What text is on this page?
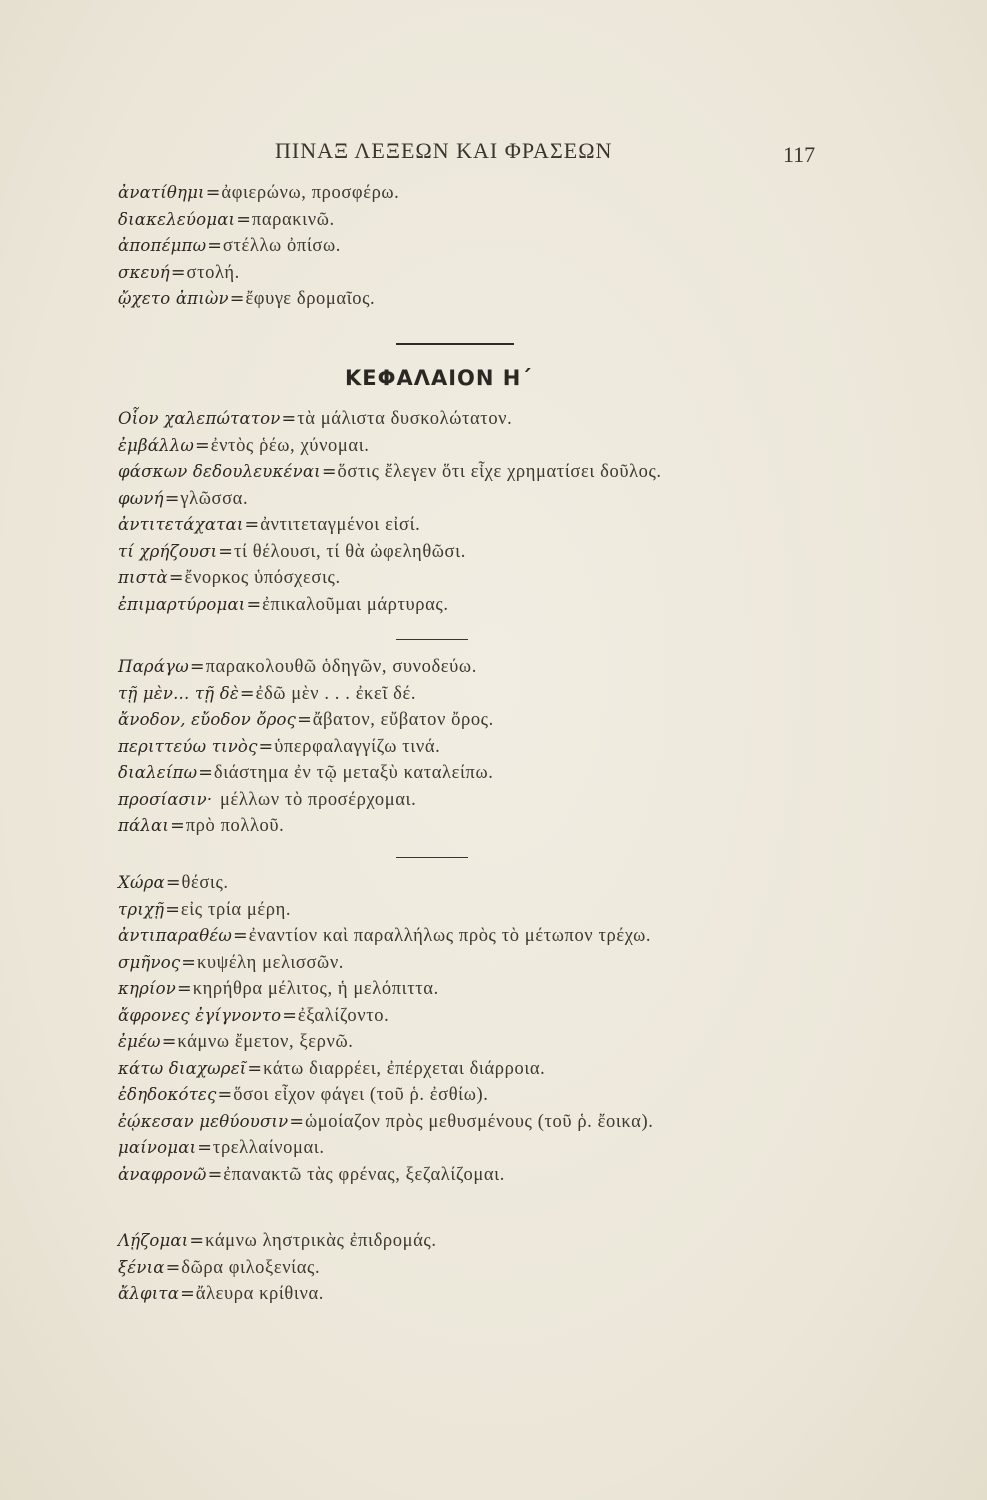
ΠΙΝΑΞ ΛΕΞΕΩΝ ΚΑΙ ΦΡΑΣΕΩΝ	117
ἀνατίθημι=ἀφιερώνω, προσφέρω.
διακελεύομαι=παρακινῶ.
ἀποπέμπω=στέλλω ὀπίσω.
σκευή=στολή.
ᾤχετο ἀπιὼν=ἔφυγε δρομαῖος.
ΚΕΦΑΛΑΙΟΝ Η΄
Οἷον χαλεπώτατον=τὰ μάλιστα δυσκολώτατον.
ἐμβάλλω=ἐντὸς ῥέω, χύνομαι.
φάσκων δεδουλευκέναι=ὅστις ἔλεγεν ὅτι εἶχε χρηματίσει δοῦλος.
φωνή=γλῶσσα.
ἀντιτετάχαται=ἀντιτεταγμένοι εἰσί.
τί χρήζουσι=τί θέλουσι, τί θὰ ὠφεληθῶσι.
πιστὰ=ἔνορκος ὑπόσχεσις.
ἐπιμαρτύρομαι=ἐπικαλοῦμαι μάρτυρας.
Παράγω=παρακολουθῶ ὁδηγῶν, συνοδεύω.
τῇ μὲν... τῇ δὲ=ἐδῶ μὲν . . . ἐκεῖ δέ.
ἄνοδον, εὔοδον ὄρος=ἄβατον, εὔβατον ὄρος.
περιττεύω τινὸς=ὑπερφαλαγγίζω τινά.
διαλείπω=διάστημα ἐν τῷ μεταξὺ καταλείπω.
προσίασιν· μέλλων τὸ προσέρχομαι.
πάλαι=πρὸ πολλοῦ.
Χώρα=θέσις.
τριχῇ=εἰς τρία μέρη.
ἀντιπαραθέω=ἐναντίον καὶ παραλλήλως πρὸς τὸ μέτωπον τρέχω.
σμῆνος=κυψέλη μελισσῶν.
κηρίον=κηρήθρα μέλιτος, ἡ μελόπιττα.
ἄφρονες ἐγίγνοντο=ἐξαλίζοντο.
ἐμέω=κάμνω ἔμετον, ξερνῶ.
κάτω διαχωρεῖ=κάτω διαρρέει, ἐπέρχεται διάρροια.
ἐδηδοκότες=ὅσοι εἶχον φάγει (τοῦ ῥ. ἐσθίω).
ἐῴκεσαν μεθύουσιν=ὡμοίαζον πρὸς μεθυσμένους (τοῦ ῥ. ἔοικα).
μαίνομαι=τρελλαίνομαι.
ἀναφρονῶ=ἐπανακτῶ τὰς φρένας, ξεζαλίζομαι.
Λῄζομαι=κάμνω ληστρικὰς ἐπιδρομάς.
ξένια=δῶρα φιλοξενίας.
ἄλφιτα=ἄλευρα κρίθινα.
